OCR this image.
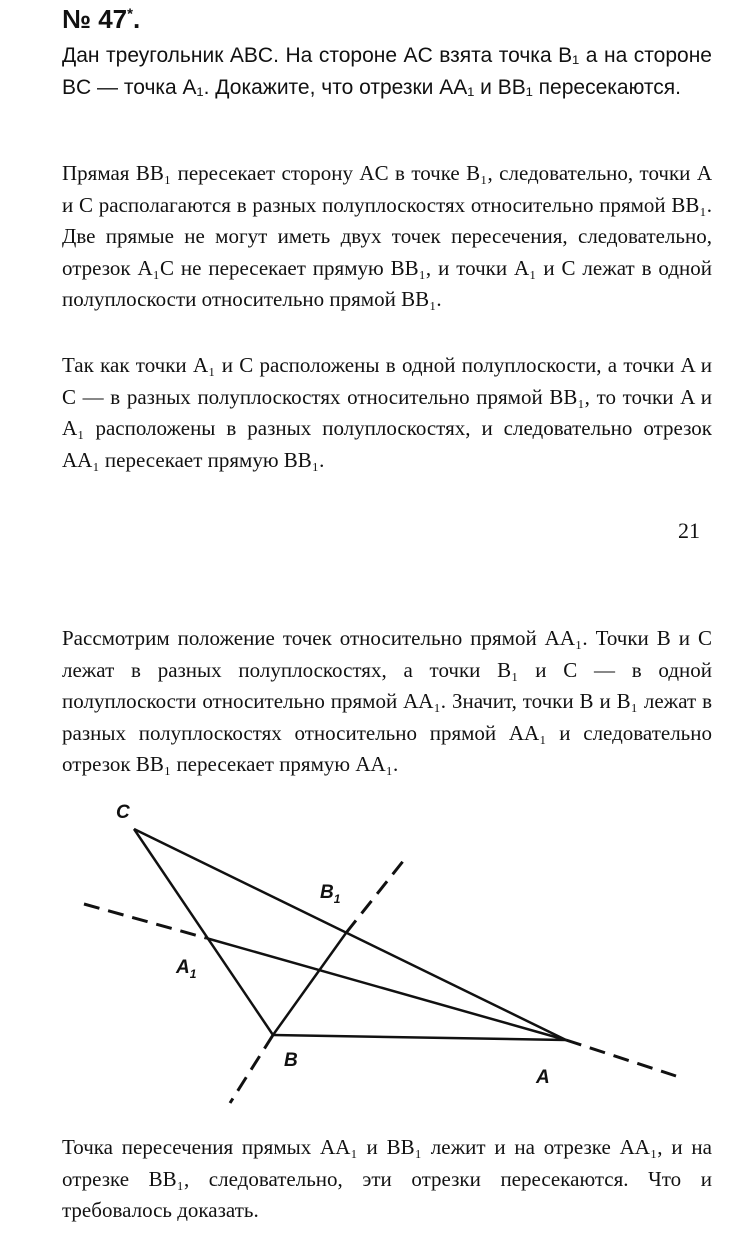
№ 47*.
Дан треугольник ABC. На стороне AC взята точка B₁ а на стороне BC — точка A₁. Докажите, что отрезки AA₁ и BB₁ пересекаются.
Прямая BB₁ пересекает сторону AC в точке B₁, следовательно, точки A и C располагаются в разных полуплоскостях относительно прямой BB₁. Две прямые не могут иметь двух точек пересечения, следовательно, отрезок A₁C не пересекает прямую BB₁, и точки A₁ и C лежат в одной полуплоскости относительно прямой BB₁.
Так как точки A₁ и C расположены в одной полуплоскости, а точки A и C — в разных полуплоскостях относительно прямой BB₁, то точки A и A₁ расположены в разных полуплоскостях, и следовательно отрезок AA₁ пересекает прямую BB₁.
21
Рассмотрим положение точек относительно прямой AA₁. Точки B и C лежат в разных полуплоскостях, а точки B₁ и C — в одной полуплоскости относительно прямой AA₁. Значит, точки B и B₁ лежат в разных полуплоскостях относительно прямой AA₁ и следовательно отрезок BB₁ пересекает прямую AA₁.
C
$B_1$
$A_1$
B
A
Точка пересечения прямых AA₁ и BB₁ лежит и на отрезке AA₁, и на отрезке BB₁, следовательно, эти отрезки пересекаются. Что и требовалось доказать.
